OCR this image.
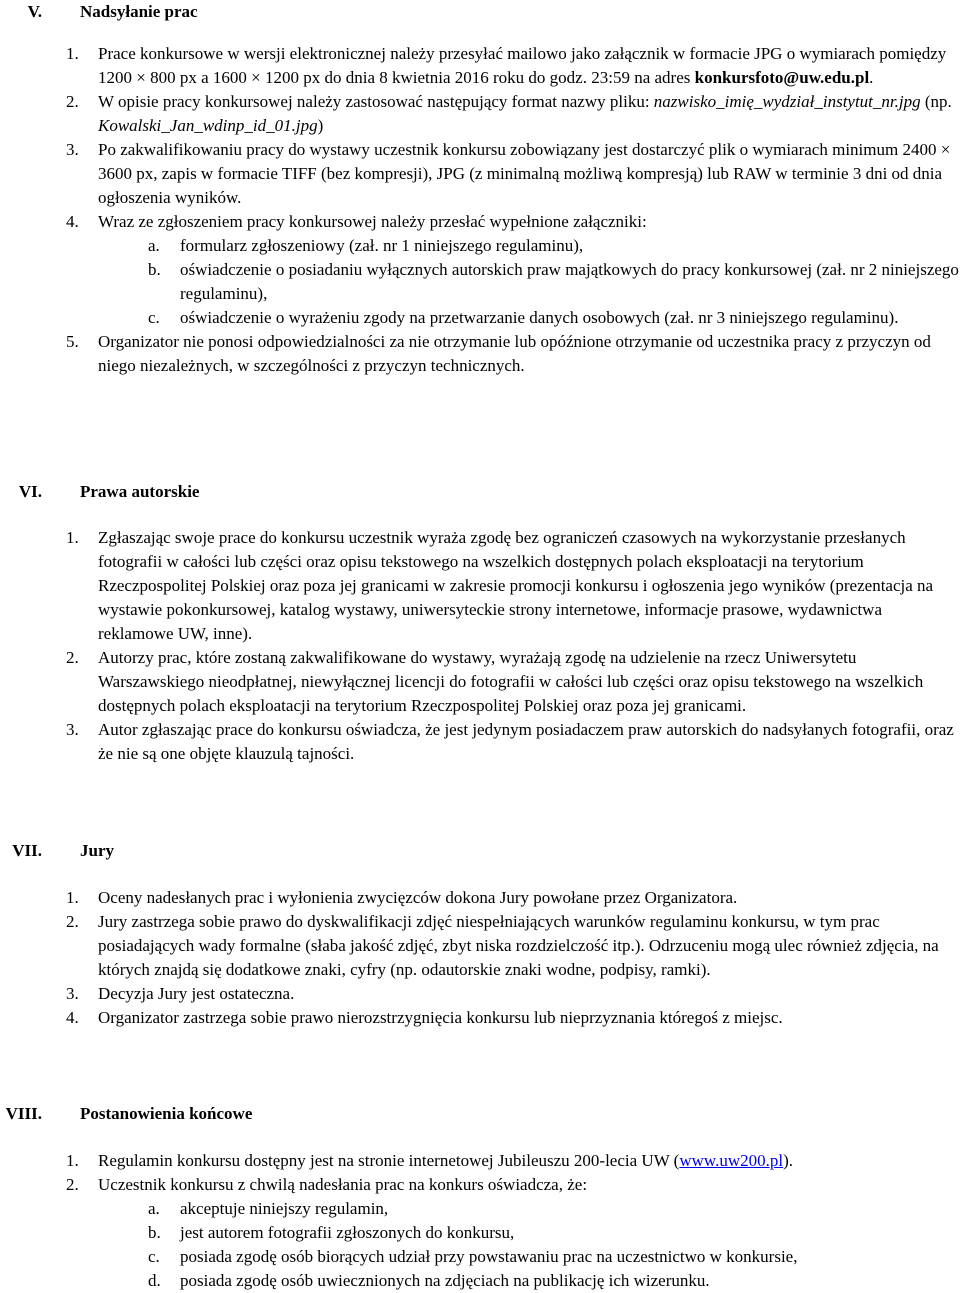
V. Nadsyłanie prac
1. Prace konkursowe w wersji elektronicznej należy przesyłać mailowo jako załącznik w formacie JPG o wymiarach pomiędzy 1200 × 800 px a 1600 × 1200 px do dnia 8 kwietnia 2016 roku do godz. 23:59 na adres konkursfoto@uw.edu.pl.
2. W opisie pracy konkursowej należy zastosować następujący format nazwy pliku: nazwisko_imię_wydział_instytut_nr.jpg (np. Kowalski_Jan_wdinp_id_01.jpg)
3. Po zakwalifikowaniu pracy do wystawy uczestnik konkursu zobowiązany jest dostarczyć plik o wymiarach minimum 2400 × 3600 px, zapis w formacie TIFF (bez kompresji), JPG (z minimalną możliwą kompresją) lub RAW w terminie 3 dni od dnia ogłoszenia wyników.
4. Wraz ze zgłoszeniem pracy konkursowej należy przesłać wypełnione załączniki:
a. formularz zgłoszeniowy (zał. nr 1 niniejszego regulaminu),
b. oświadczenie o posiadaniu wyłącznych autorskich praw majątkowych do pracy konkursowej (zał. nr 2 niniejszego regulaminu),
c. oświadczenie o wyrażeniu zgody na przetwarzanie danych osobowych (zał. nr 3 niniejszego regulaminu).
5. Organizator nie ponosi odpowiedzialności za nie otrzymanie lub opóźnione otrzymanie od uczestnika pracy z przyczyn od niego niezależnych, w szczególności z przyczyn technicznych.
VI. Prawa autorskie
1. Zgłaszając swoje prace do konkursu uczestnik wyraża zgodę bez ograniczeń czasowych na wykorzystanie przesłanych fotografii w całości lub części oraz opisu tekstowego na wszelkich dostępnych polach eksploatacji na terytorium Rzeczpospolitej Polskiej oraz poza jej granicami w zakresie promocji konkursu i ogłoszenia jego wyników (prezentacja na wystawie pokonkursowej, katalog wystawy, uniwersyteckie strony internetowe, informacje prasowe, wydawnictwa reklamowe UW, inne).
2. Autorzy prac, które zostaną zakwalifikowane do wystawy, wyrażają zgodę na udzielenie na rzecz Uniwersytetu Warszawskiego nieodpłatnej, niewyłącznej licencji do fotografii w całości lub części oraz opisu tekstowego na wszelkich dostępnych polach eksploatacji na terytorium Rzeczpospolitej Polskiej oraz poza jej granicami.
3. Autor zgłaszając prace do konkursu oświadcza, że jest jedynym posiadaczem praw autorskich do nadsyłanych fotografii, oraz że nie są one objęte klauzulą tajności.
VII. Jury
1. Oceny nadesłanych prac i wyłonienia zwycięzców dokona Jury powołane przez Organizatora.
2. Jury zastrzega sobie prawo do dyskwalifikacji zdjęć niespełniających warunków regulaminu konkursu, w tym prac posiadających wady formalne (słaba jakość zdjęć, zbyt niska rozdzielczość itp.). Odrzuceniu mogą ulec również zdjęcia, na których znajdą się dodatkowe znaki, cyfry (np. odautorskie znaki wodne, podpisy, ramki).
3. Decyzja Jury jest ostateczna.
4. Organizator zastrzega sobie prawo nierozstrzygnięcia konkursu lub nieprzyznania któregoś z miejsc.
VIII. Postanowienia końcowe
1. Regulamin konkursu dostępny jest na stronie internetowej Jubileuszu 200-lecia UW (www.uw200.pl).
2. Uczestnik konkursu z chwilą nadesłania prac na konkurs oświadcza, że:
a. akceptuje niniejszy regulamin,
b. jest autorem fotografii zgłoszonych do konkursu,
c. posiada zgodę osób biorących udział przy powstawaniu prac na uczestnictwo w konkursie,
d. posiada zgodę osób uwiecznionych na zdjęciach na publikację ich wizerunku.
